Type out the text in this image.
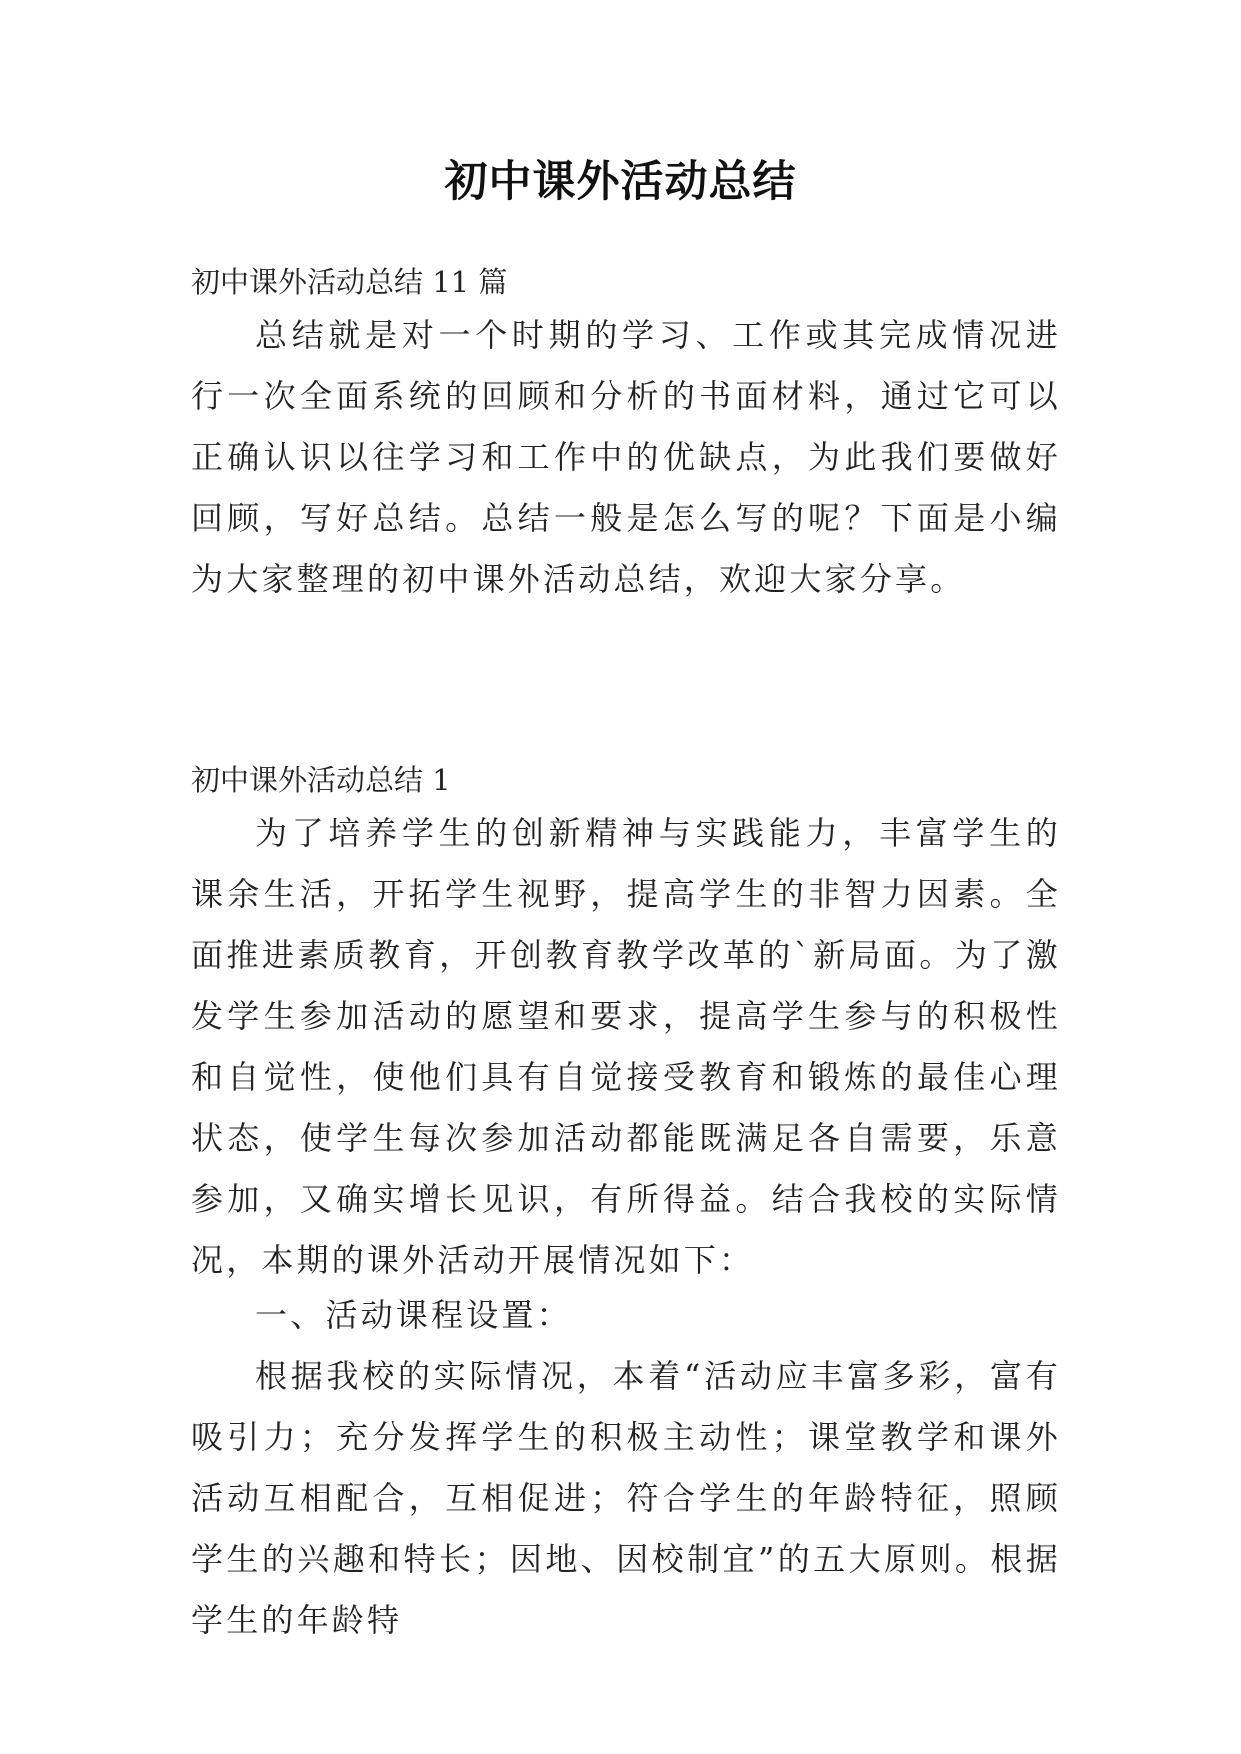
初中课外活动总结

初中课外活动总结 11 篇

总结就是对一个时期的学习、工作或其完成情况进行一次全面系统的回顾和分析的书面材料，通过它可以正确认识以往学习和工作中的优缺点，为此我们要做好回顾，写好总结。总结一般是怎么写的呢？下面是小编为大家整理的初中课外活动总结，欢迎大家分享。

初中课外活动总结 1

为了培养学生的创新精神与实践能力，丰富学生的课余生活，开拓学生视野，提高学生的非智力因素。全面推进素质教育，开创教育教学改革的`新局面。为了激发学生参加活动的愿望和要求，提高学生参与的积极性和自觉性，使他们具有自觉接受教育和锻炼的最佳心理状态，使学生每次参加活动都能既满足各自需要，乐意参加，又确实增长见识，有所得益。结合我校的实际情况，本期的课外活动开展情况如下：

一、活动课程设置：

根据我校的实际情况，本着“活动应丰富多彩，富有吸引力；充分发挥学生的积极主动性；课堂教学和课外活动互相配合，互相促进；符合学生的年龄特征，照顾学生的兴趣和特长；因地、因校制宜”的五大原则。根据学生的年龄特
